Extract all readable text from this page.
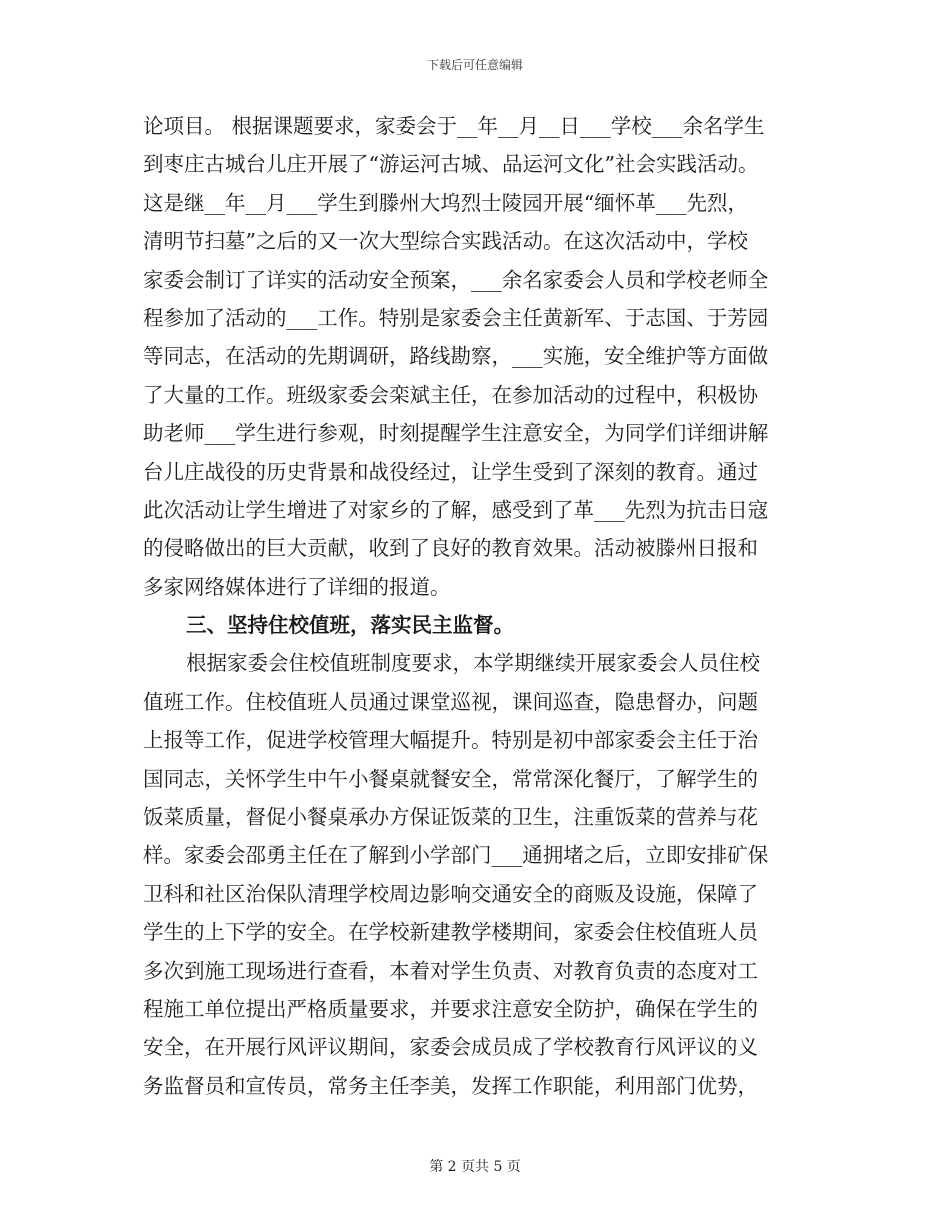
下载后可任意编辑
论项目。 根据课题要求，家委会于__年__月__日___学校___余名学生
到枣庄古城台儿庄开展了“游运河古城、品运河文化”社会实践活动。
这是继__年__月___学生到滕州大坞烈士陵园开展“缅怀革___先烈，
清明节扫墓”之后的又一次大型综合实践活动。在这次活动中，学校
家委会制订了详实的活动安全预案，___余名家委会人员和学校老师全
程参加了活动的___工作。特别是家委会主任黄新军、于志国、于芳园
等同志，在活动的先期调研，路线勘察，___实施，安全维护等方面做
了大量的工作。班级家委会栾斌主任，在参加活动的过程中，积极协
助老师___学生进行参观，时刻提醒学生注意安全，为同学们详细讲解
台儿庄战役的历史背景和战役经过，让学生受到了深刻的教育。通过
此次活动让学生增进了对家乡的了解，感受到了革___先烈为抗击日寇
的侵略做出的巨大贡献，收到了良好的教育效果。活动被滕州日报和
多家网络媒体进行了详细的报道。
三、坚持住校值班，落实民主监督。
根据家委会住校值班制度要求，本学期继续开展家委会人员住校
值班工作。住校值班人员通过课堂巡视，课间巡查，隐患督办，问题
上报等工作，促进学校管理大幅提升。特别是初中部家委会主任于治
国同志，关怀学生中午小餐桌就餐安全，常常深化餐厅，了解学生的
饭菜质量，督促小餐桌承办方保证饭菜的卫生，注重饭菜的营养与花
样。家委会邵勇主任在了解到小学部门___通拥堵之后，立即安排矿保
卫科和社区治保队清理学校周边影响交通安全的商贩及设施，保障了
学生的上下学的安全。在学校新建教学楼期间，家委会住校值班人员
多次到施工现场进行查看，本着对学生负责、对教育负责的态度对工
程施工单位提出严格质量要求，并要求注意安全防护，确保在学生的
安全，在开展行风评议期间，家委会成员成了学校教育行风评议的义
务监督员和宣传员，常务主任李美，发挥工作职能，利用部门优势，
第 2 页共 5 页
